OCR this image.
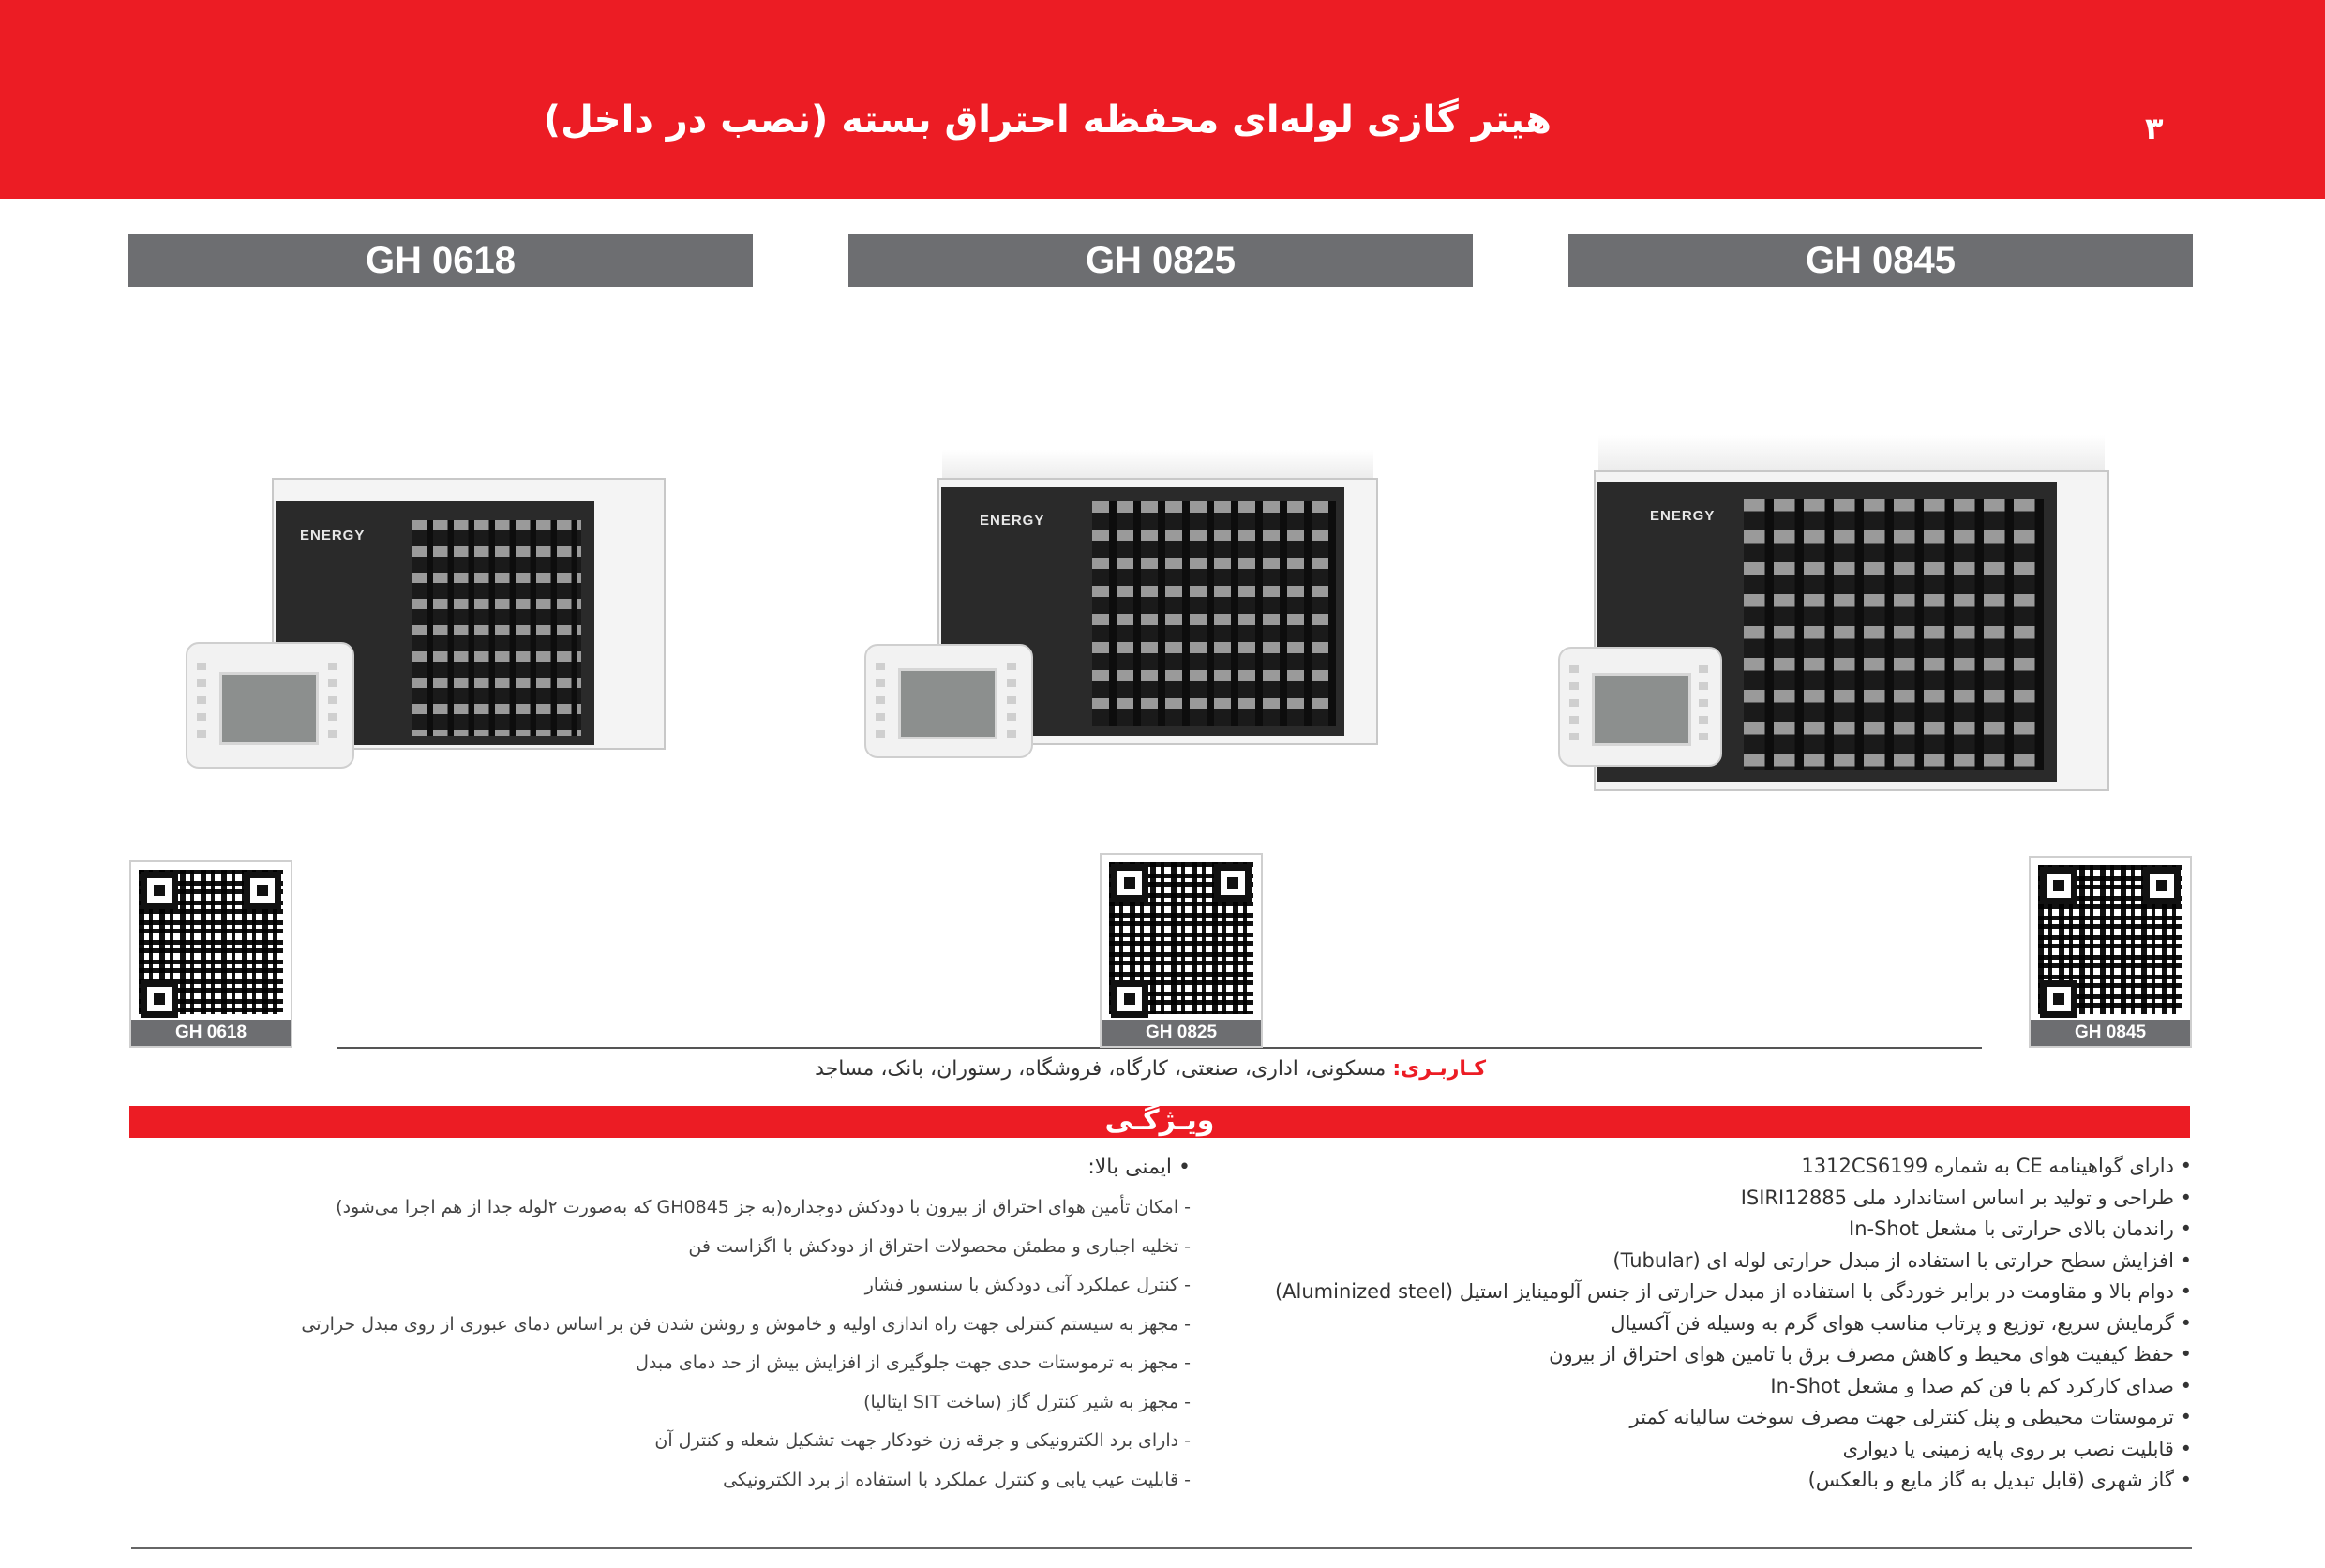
هیتر گازی لوله‌ای محفظه احتراق بسته (نصب در داخل)	۳
GH 0618	GH 0825	GH 0845
ENERGY
ENERGY	ENERGY
GH 0618	GH 0825	GH 0845
کـاربـری: مسکونی، اداری، صنعتی، کارگاه، فروشگاه، رستوران، بانک، مساجد
ویـژگـی
• دارای گواهینامه CE به شماره 1312CS6199
• طراحی و تولید بر اساس استاندارد ملی ISIRI12885
• راندمان بالای حرارتی با مشعل In-Shot
• افزایش سطح حرارتی با استفاده از مبدل حرارتی لوله ای (Tubular)
• دوام بالا و مقاومت در برابر خوردگی با استفاده از مبدل حرارتی از جنس آلومینایز استیل (Aluminized steel)
• گرمایش سریع، توزیع و پرتاب مناسب هوای گرم به وسیله فن آکسیال
• حفظ کیفیت هوای محیط و کاهش مصرف برق با تامین هوای احتراق از بیرون
• صدای کارکرد کم با فن کم صدا و مشعل In-Shot
• ترموستات محیطی و پنل کنترلی جهت مصرف سوخت سالیانه کمتر
• قابلیت نصب بر روی پایه زمینی یا دیواری
• گاز شهری (قابل تبدیل به گاز مایع و بالعکس)
• ایمنی بالا:
- امکان تأمین هوای احتراق از بیرون با دودکش دوجداره(به جز GH0845 که به‌صورت ۲لوله جدا از هم اجرا می‌شود)
- تخلیه اجباری و مطمئن محصولات احتراق از دودکش با اگزاست فن
- کنترل عملکرد آنی دودکش با سنسور فشار
- مجهز به سیستم کنترلی جهت راه اندازی اولیه و خاموش و روشن شدن فن بر اساس دمای عبوری از روی مبدل حرارتی
- مجهز به ترموستات حدی جهت جلوگیری از افزایش بیش از حد دمای مبدل
- مجهز به شیر کنترل گاز (ساخت SIT ایتالیا)
- دارای برد الکترونیکی و جرقه زن خودکار جهت تشکیل شعله و کنترل آن
- قابلیت عیب یابی و کنترل عملکرد با استفاده از برد الکترونیکی
